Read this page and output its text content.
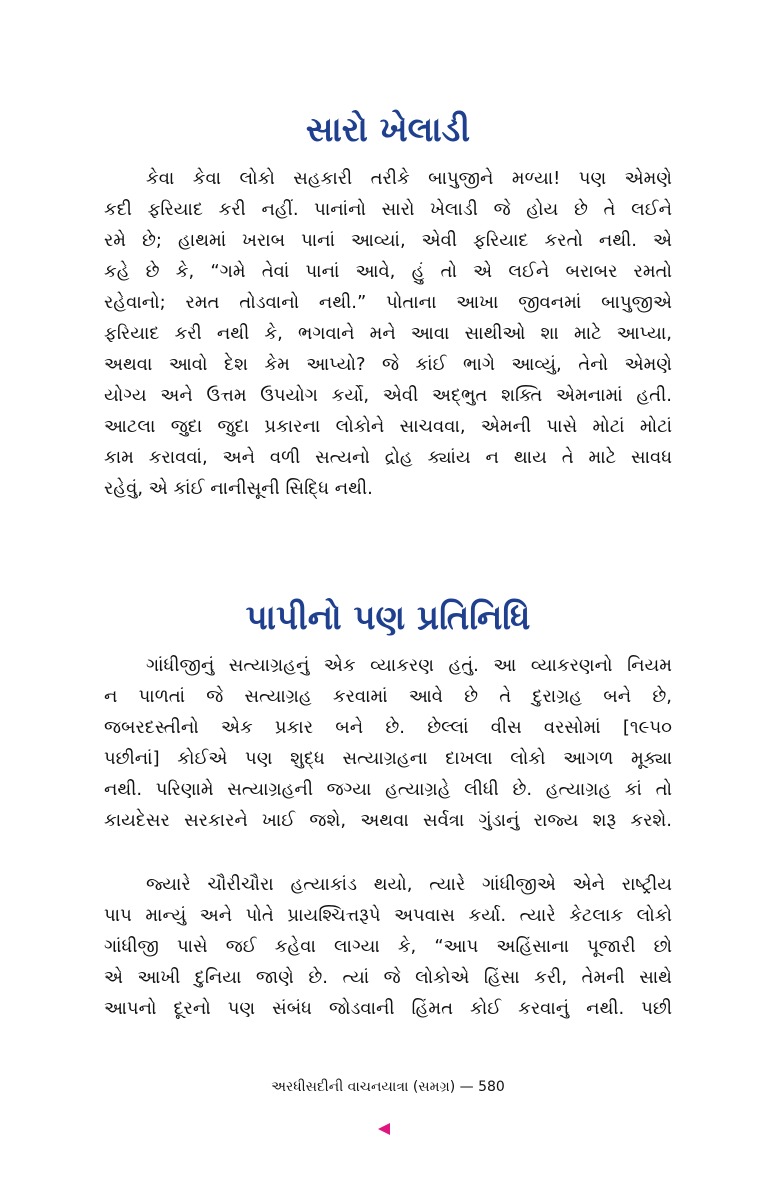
સારો ખેલાડી
કેવા કેવા લોકો સહકારી તરીકે બાપુજીને મળ્યા! પણ એમણે
કદી ફરિયાદ કરી નહીં. પાનાંનો સારો ખેલાડી જે હોય છે તે લઈને
રમે છે; હાથમાં ખરાબ પાનાં આવ્યાં, એવી ફરિયાદ કરતો નથી. એ
કહે છે કે, “ગમે તેવાં પાનાં આવે, હું તો એ લઈને બરાબર રમતો
રહેવાનો; રમત તોડવાનો નથી.” પોતાના આખા જીવનમાં બાપુજીએ
ફરિયાદ કરી નથી કે, ભગવાને મને આવા સાથીઓ શા માટે આપ્યા,
અથવા આવો દેશ કેમ આપ્યો? જે કાંઈ ભાગે આવ્યું, તેનો એમણે
યોગ્ય અને ઉત્તમ ઉપયોગ કર્યો, એવી અદ્ભુત શક્તિ એમનામાં હતી.
આટલા જુદા જુદા પ્રકારના લોકોને સાચવવા, એમની પાસે મોટાં મોટાં
કામ કરાવવાં, અને વળી સત્યનો દ્રોહ ક્યાંય ન થાય તે માટે સાવધ
રહેવું, એ કાંઈ નાનીસૂની સિદ્ધિ નથી.
પાપીનો પણ પ્રતિનિધિ
ગાંધીજીનું સત્યાગ્રહનું એક વ્યાકરણ હતું. આ વ્યાકરણનો નિયમ
ન પાળતાં જે સત્યાગ્રહ કરવામાં આવે છે તે દુરાગ્રહ બને છે,
જબરદસ્તીનો એક પ્રકાર બને છે. છેલ્લાં વીસ વરસોમાં [૧૯૫૦
પછીનાં] કોઈએ પણ શુદ્ધ સત્યાગ્રહના દાખલા લોકો આગળ મૂક્યા
નથી. પરિણામે સત્યાગ્રહની જગ્યા હત્યાગ્રહે લીધી છે. હત્યાગ્રહ કાં તો
કાયદેસર સરકારને ખાઈ જશે, અથવા સર્વત્રા ગુંડાનું રાજ્ય શરૂ કરશે.
જ્યારે ચૌરીચૌરા હત્યાકાંડ થયો, ત્યારે ગાંધીજીએ એને રાષ્ટ્રીય
પાપ માન્યું અને પોતે પ્રાયશ્ચિત્તરૂપે અપવાસ કર્યા. ત્યારે કેટલાક લોકો
ગાંધીજી પાસે જઈ કહેવા લાગ્યા કે, “આપ અહિંસાના પૂજારી છો
એ આખી દુનિયા જાણે છે. ત્યાં જે લોકોએ હિંસા કરી, તેમની સાથે
આપનો દૂરનો પણ સંબંધ જોડવાની હિંમત કોઈ કરવાનું નથી. પછી
અરધીસદીની વાચનયાત્રા (સમગ્ર) — 580
